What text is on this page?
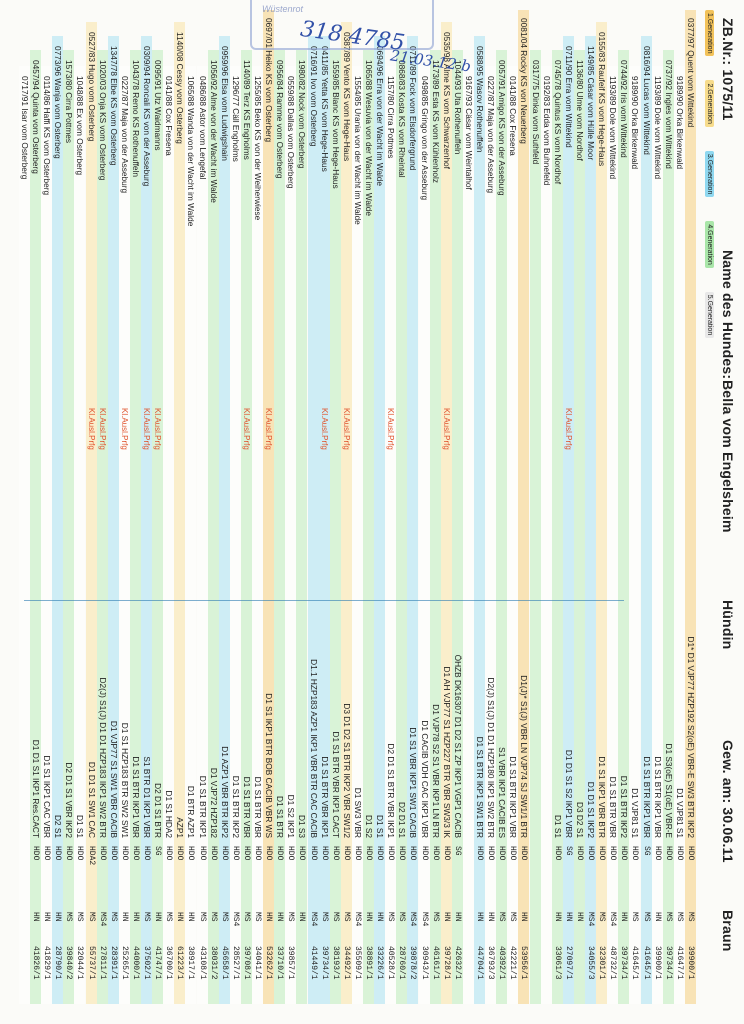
ZB.Nr.: 1075/11
Name des Hundes:
Bella vom Engelsheim
Hündin
Gew. am: 30.06.11
Braun
1.Generation 2.Generation 3.Generation 4.Generation 5.Generation
0377/97 Quent vom Wittekind
D1* D1 VJP77 HZP192 S2(oE) VBR-E SW3 BTR IKP2
HDO
MS
39900/1
9189/90 Orka Birkenwald
D1 VJP81 S1
HDO
MS
41647/1
0737/92 Ingles vom Wittekind
D1 S3(oE) S1(oE) VBR-E
HDO
MS
39734/1
1193/89 Dole vom Wittekind
D1 S1 BTR IKP1 VBR
HDO
HN
39900/1
0816/94 Lucas vom Wittekind
D1 S1 BTR IKP1 VBR
SG
MS
41645/1
9189/90 Orka Birkenwald
D1 VJP81 S1
HDO
MS
41645/1
0744/92 Iris vom Wittekind
D1 S1 BTR IKP2
HDO
HN
39734/1
1193/89 Dole vom Wittekind
D1 S1 BTR VBR
HDO
MS4
48732/1
0155/83 Raufeif KS vom Hege-Haus
D1 S1 IKP1 VBR BTR
HDO
MS
32301/1
1149/85 Cäsar vom Hülle Moor
D1 D1 S1 IKP2
HDO
MS4
34055/3
1136/80 Ulme vom Nordhof
D3 D2 S1
HDO
HN
0711/90 Erra vom Wittekind
Kl.Ausl.Prfg
D1 D1 S1 S2 IKP1 VBR
SG
HN
27097/1
0745/78 Quintus KS vom Nordhof
D1 S1
HDO
HN
33061/3
0192/83 Edda vom Buhnefeld
0317/75 Dinka vom Suthfeld
0081/04 Rocky KS von Neuerberg
D1(J)* S1(J) VBR LN VJP74 SJ SW1/1 BTR
HDO
HN
53956/1
0141/88 Cox Fresena
D1 S1 BTR IKP1 VBR
HDO
MS
42221/1
0057/91 Amigo KS von der Asseburg
S1 VBR IKP1 CACIB ES
HDO
MS
40392/1
0227/87 Maja von der Asseburg
D2(J) S1(J) D1 D1 HZP180 IKP1 SW2 BTR
HDO
HN
36793/3
0588/95 Wasov Rothenuffeln
D1 S1 BTR IKP1 SW1 BTR
HDO
HN
44704/1
9167/93 Cäsar vom Weintalhof
1044/93 Uta Rothenuffeln
ÖHZB DK16307 D1 D2 S1 ZP IKP1 VGP1 CACIB
SG
HN
42632/1
0535/98 Alme KS vom Schwarzenhof
Kl.Ausl.Prfg
D1 AH VJP77 S1 HZP227 BTR VBR SW3/3 IK
HDO
HN
39728/1
1173/89 Esta KS vom Kühlenholz
D1 VJP78 S2 S1 VBR IKP1 LN BTR
HDO
MS
46161/1
0498/85 Gringo von der Asseburg
D1 CACIB VDH CAC IKP1 VBR
HDO
MS4
30943/1
0711/89 Fock vom Elsdorfergrund
D1 S1 VBR IKP1 SW1 CACIB
HDO
MS4
39878/2
0868/83 Kosta KS vom Rheintal
D2 D1 S1
HDO
MS
28760/1
1157/80 Cirra Pottmes
Kl.Ausl.Prfg
D2 D1 S1 BTR VBR IKP1
HDO
MS
40528/1
0694/96 Erra von der Wacht im Walde
D1 S1
HDO
HN
33226/1
1065/88 Wesuvia von der Wacht im Walde
D1 S2
HDO
HN
38891/1
1554/85 Urania von der Wacht im Walde
D1 SW3 VBR
HDO
MS4
35509/1
0387/89 Vento KS vom Hege-Haus
Kl.Ausl.Prfg
D3 D1 D2 S1 BTR IKP2 VBR SW1/2
HDO
MS
34492/1
1559/85 Blanc KS vom Hege-Haus
D1 S1 BTR VBR IKP1 CACT
HDO
MS
38193/1
0411/85 Yetta KS vom Hege-Haus
Kl.Ausl.Prfg
D1 S1 BTR VBR IKP1
HDO
MS
39734/1
0716/91 Ivo vom Osterberg
D1.1 HZP183 AZP1 IKP1 VBR BTR CAC CACIB
HDO
MS4
41449/1
1980/82 Nock vom Osterberg
D1 S3
HDO
HN
0559/88 Dallas vom Osterberg
D1 S2 IKP1
HDO
MS
39857/1
0956/84 Ramme vom Osterberg
D1 S1 BTR
HDO
HN
33710/1
0697/01 Heiko KS vom Osterberg
Kl.Ausl.Prfg
D1 S1 IKP1 BTR BOB CACIB VBR WS
HDO
HN
53262/1
1255/85 Beko KS von der Weiherwiese
D1 S1 BTR VBR
HDO
MS
34041/1
1140/89 Terz KS Engholms
Kl.Ausl.Prfg
D1 S1 BTR VBR
HDO
MS
39708/1
1296/77 Cäll Engholms
D1 S1 BTR IKP2
HDO
MS4
28527/1
0959/96 Elsa vom Ludwigshain
D1 AZP1 VBR BTR IKP2
HDO
MS
45658/1
1056/92 Alme von der Wacht im Walde
D1 VJP72 HZP182
HDO
MS
38031/2
0486/88 Astor vom Lengefal
D1 S1 BTR IKP1
HDO
MS
43108/1
1065/88 Wanda von der Wacht im Walde
D1 BTR AZP1
HDO
HN
38917/1
1140/08 Cessy vom Osterberg
AZP1
HDO
HN
61223/1
0141/88 Cox Fresena
D1 S1 HDA2
HDO
MS
36700/1
0095/91 Utz Waidmanns
Kl.Ausl.Prfg
D2 D1 S1 BTR
SG
HN
41747/1
0309/94 Roncali KS von der Asseburg
Kl.Ausl.Prfg
S1 BTR D1 IKP1 VBR
HDO
MS
37502/1
1043/78 Remo KS Rothenuffeln
D1 S1 BTR IKP1 VBR
HDO
HN
44000/1
0227/87 Maja von der Asseburg
Kl.Ausl.Prfg
D1 S1 HZP183 BTR SW2 SW1
HDO
HN
25265/1
1347/78 Elbe KS vom Osterberg
D1 VJP77 S1 SW1 VBR CACIB
HDO
MS
28391/1
1020/03 Onja KS vom Osterberg
Kl.Ausl.Prfg
D2(J) S1(J) D1 D1 HZP183 IKP1 SW2 BTR
HDO
MS4
27811/1
0527/83 Hugo vom Osterberg
Kl.Ausl.Prfg
D1 D1 S1 SW1 CAC
HDA2
MS
55737/1
1048/88 Ex vom Osterberg
D1 S1
HDO
MS
32044/1
1573/80 Cirra Pottmes
D2 D1 S1 VBR IKP2
HDO
MS
39840/2
0773/96 Wanja vom Osterberg
D2 S1
HDO
HN
28790/1
0114/86 Haffi KS vom Osterberg
D1 S1 IKP1 CAC VBR
HDO
HN
41829/1
0457/94 Quinta vom Osterberg
D1 D1 S1 IKP1 Res.CACT
HDO
HN
41826/1
0717/91 Isar vom Osterberg
Wüstenrot
318 4785
21.03.12 b
